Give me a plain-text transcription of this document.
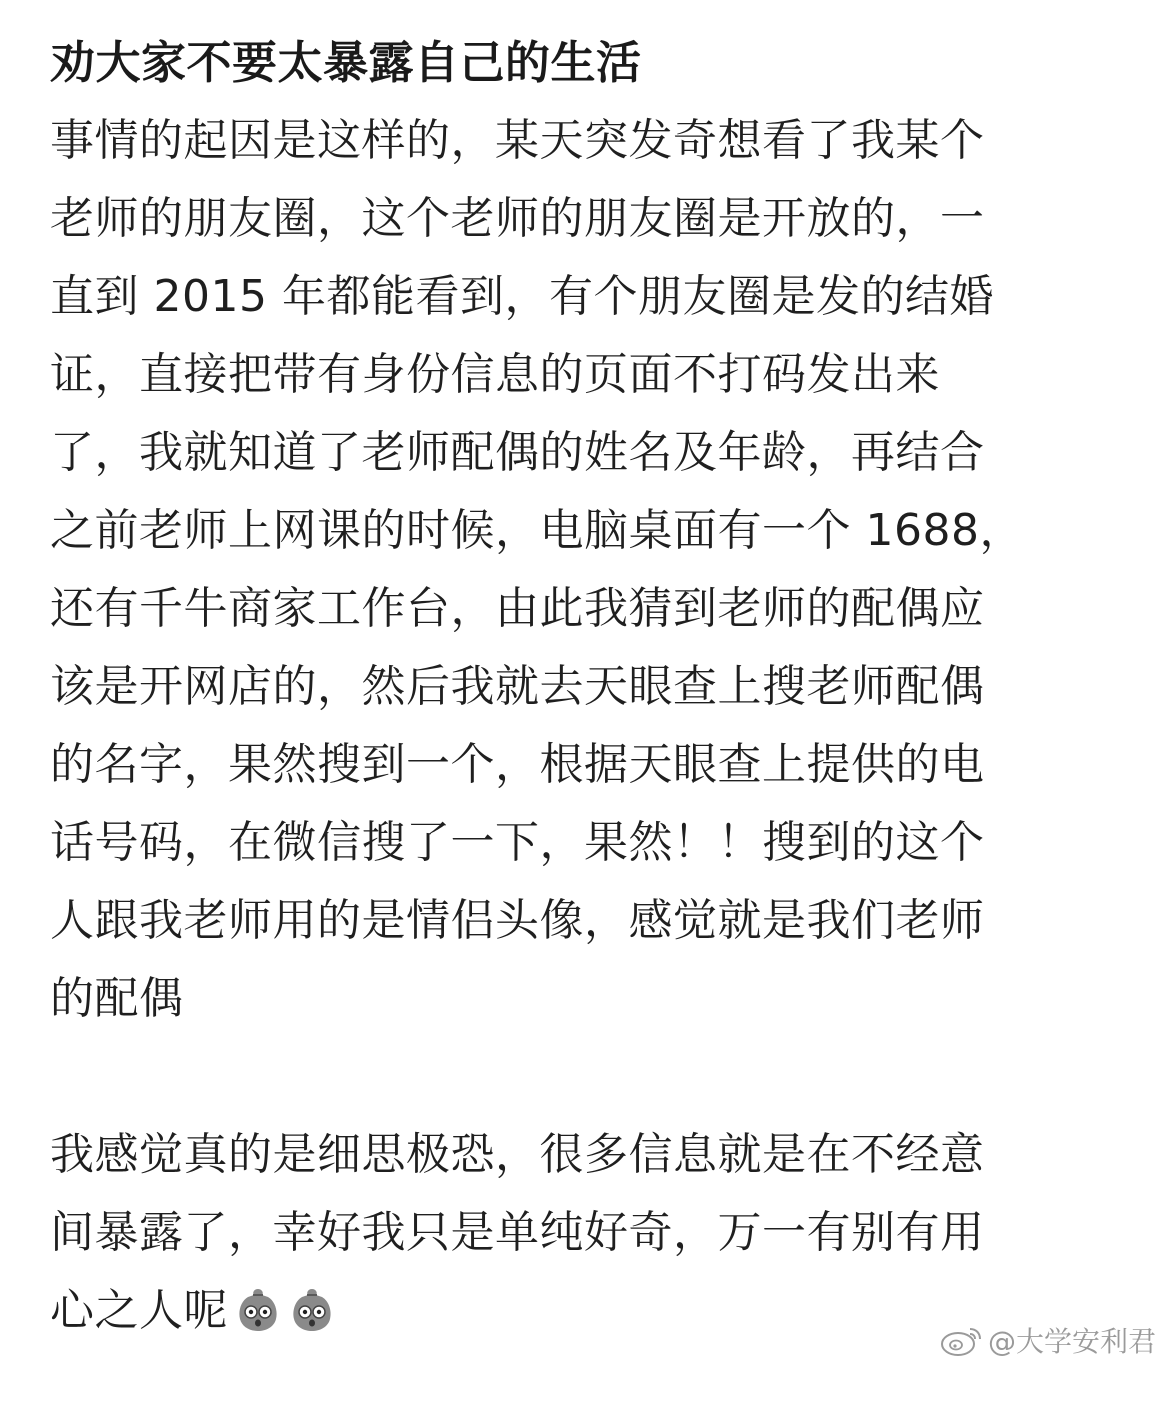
劝大家不要太暴露自己的生活
事情的起因是这样的，某天突发奇想看了我某个
老师的朋友圈，这个老师的朋友圈是开放的，一
直到 2015 年都能看到，有个朋友圈是发的结婚
证，直接把带有身份信息的页面不打码发出来
了，我就知道了老师配偶的姓名及年龄，再结合
之前老师上网课的时候，电脑桌面有一个 1688，
还有千牛商家工作台，由此我猜到老师的配偶应
该是开网店的，然后我就去天眼查上搜老师配偶
的名字，果然搜到一个，根据天眼查上提供的电
话号码，在微信搜了一下，果然！！搜到的这个
人跟我老师用的是情侣头像，感觉就是我们老师
的配偶
我感觉真的是细思极恐，很多信息就是在不经意
间暴露了，幸好我只是单纯好奇，万一有别有用
心之人呢
@大学安利君
